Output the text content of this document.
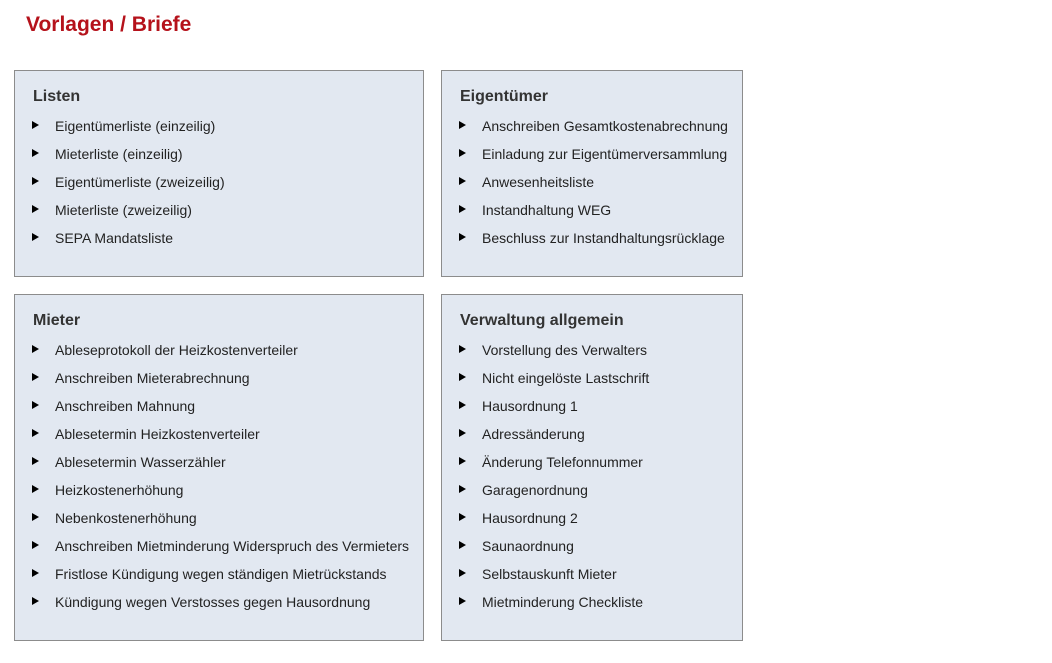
Vorlagen / Briefe
Listen
Eigentümerliste (einzeilig)
Mieterliste (einzeilig)
Eigentümerliste (zweizeilig)
Mieterliste (zweizeilig)
SEPA Mandatsliste
Eigentümer
Anschreiben Gesamtkostenabrechnung
Einladung zur Eigentümerversammlung
Anwesenheitsliste
Instandhaltung WEG
Beschluss zur Instandhaltungsrücklage
Mieter
Ableseprotokoll der Heizkostenverteiler
Anschreiben Mieterabrechnung
Anschreiben Mahnung
Ablesetermin Heizkostenverteiler
Ablesetermin Wasserzähler
Heizkostenerhöhung
Nebenkostenerhöhung
Anschreiben Mietminderung Widerspruch des Vermieters
Fristlose Kündigung wegen ständigen Mietrückstands
Kündigung wegen Verstosses gegen Hausordnung
Verwaltung allgemein
Vorstellung des Verwalters
Nicht eingelöste Lastschrift
Hausordnung 1
Adressänderung
Änderung Telefonnummer
Garagenordnung
Hausordnung 2
Saunaordnung
Selbstauskunft Mieter
Mietminderung Checkliste
